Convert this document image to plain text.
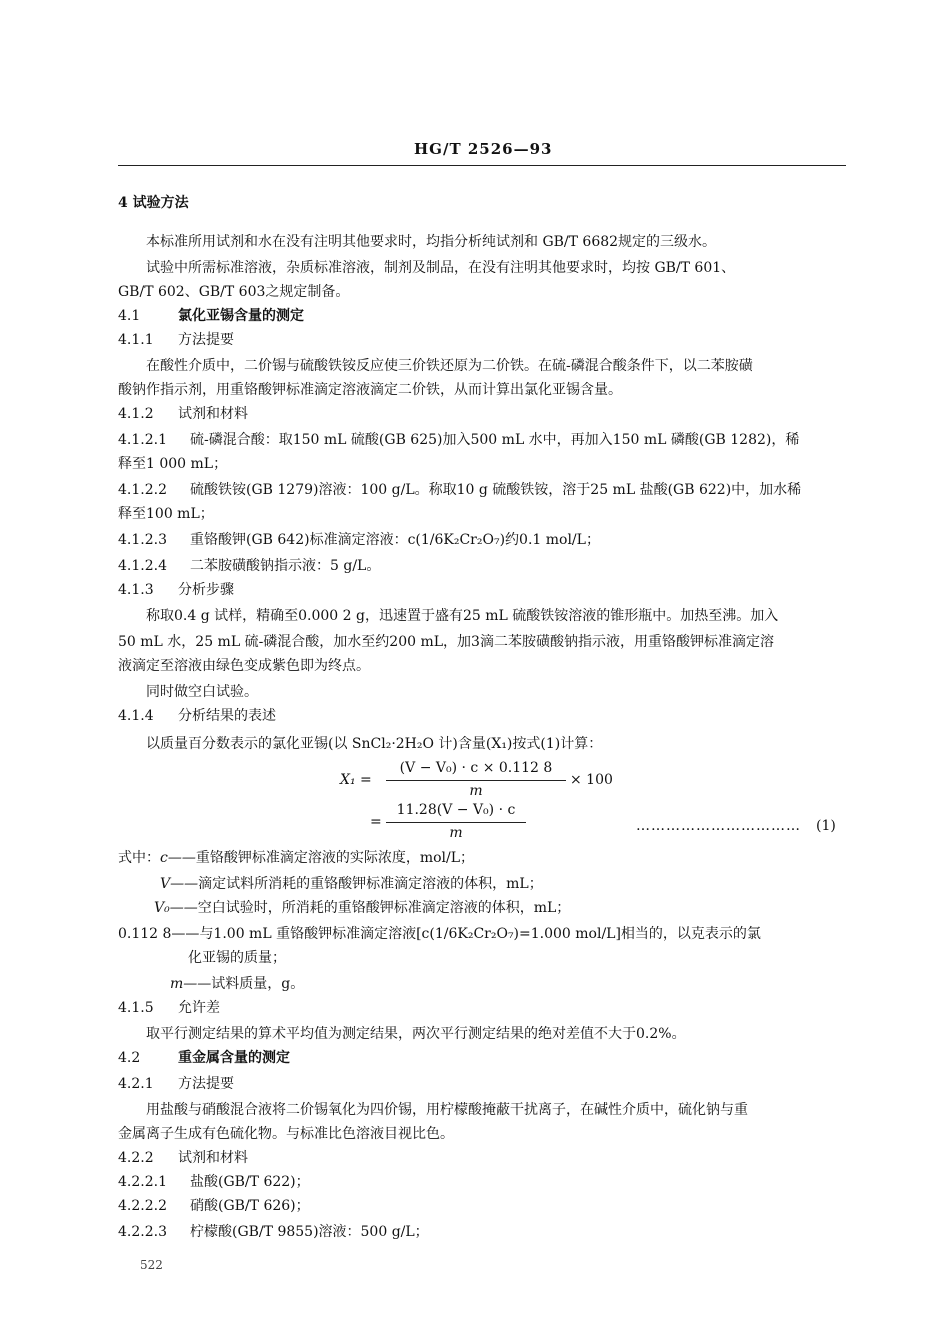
HG/T 2526—93
4 试验方法
本标准所用试剂和水在没有注明其他要求时，均指分析纯试剂和 GB/T 6682规定的三级水。
试验中所需标准溶液，杂质标准溶液，制剂及制品，在没有注明其他要求时，均按 GB/T 601、
GB/T 602、GB/T 603之规定制备。
4.1	氯化亚锡含量的测定
4.1.1 方法提要
在酸性介质中，二价锡与硫酸铁铵反应使三价铁还原为二价铁。在硫-磷混合酸条件下，以二苯胺磺
酸钠作指示剂，用重铬酸钾标准滴定溶液滴定二价铁，从而计算出氯化亚锡含量。
4.1.2 试剂和材料
4.1.2.1 硫-磷混合酸：取150 mL 硫酸(GB 625)加入500 mL 水中，再加入150 mL 磷酸(GB 1282)，稀
释至1 000 mL；
4.1.2.2 硫酸铁铵(GB 1279)溶液：100 g/L。称取10 g 硫酸铁铵，溶于25 mL 盐酸(GB 622)中，加水稀
释至100 mL；
4.1.2.3 重铬酸钾(GB 642)标准滴定溶液：c(1/6K₂Cr₂O₇)约0.1 mol/L；
4.1.2.4 二苯胺磺酸钠指示液：5 g/L。
4.1.3 分析步骤
称取0.4 g 试样，精确至0.000 2 g，迅速置于盛有25 mL 硫酸铁铵溶液的锥形瓶中。加热至沸。加入
50 mL 水，25 mL 硫-磷混合酸，加水至约200 mL，加3滴二苯胺磺酸钠指示液，用重铬酸钾标准滴定溶
液滴定至溶液由绿色变成紫色即为终点。
同时做空白试验。
4.1.4 分析结果的表述
以质量百分数表示的氯化亚锡(以 SnCl₂·2H₂O 计)含量(X₁)按式(1)计算：
X₁ =
(V − V₀) · c × 0.112 8
m
× 100
=
11.28(V − V₀) · c
m	…………………………… (1)
式中：c——重铬酸钾标准滴定溶液的实际浓度，mol/L；
V——滴定试料所消耗的重铬酸钾标准滴定溶液的体积，mL；
V₀——空白试验时，所消耗的重铬酸钾标准滴定溶液的体积，mL；
0.112 8——与1.00 mL 重铬酸钾标准滴定溶液[c(1/6K₂Cr₂O₇)=1.000 mol/L]相当的，以克表示的氯
化亚锡的质量；
m——试料质量，g。
4.1.5 允许差
取平行测定结果的算术平均值为测定结果，两次平行测定结果的绝对差值不大于0.2%。
4.2	重金属含量的测定
4.2.1 方法提要
用盐酸与硝酸混合液将二价锡氧化为四价锡，用柠檬酸掩蔽干扰离子，在碱性介质中，硫化钠与重
金属离子生成有色硫化物。与标准比色溶液目视比色。
4.2.2 试剂和材料
4.2.2.1 盐酸(GB/T 622)；
4.2.2.2 硝酸(GB/T 626)；
4.2.2.3 柠檬酸(GB/T 9855)溶液：500 g/L；
522
